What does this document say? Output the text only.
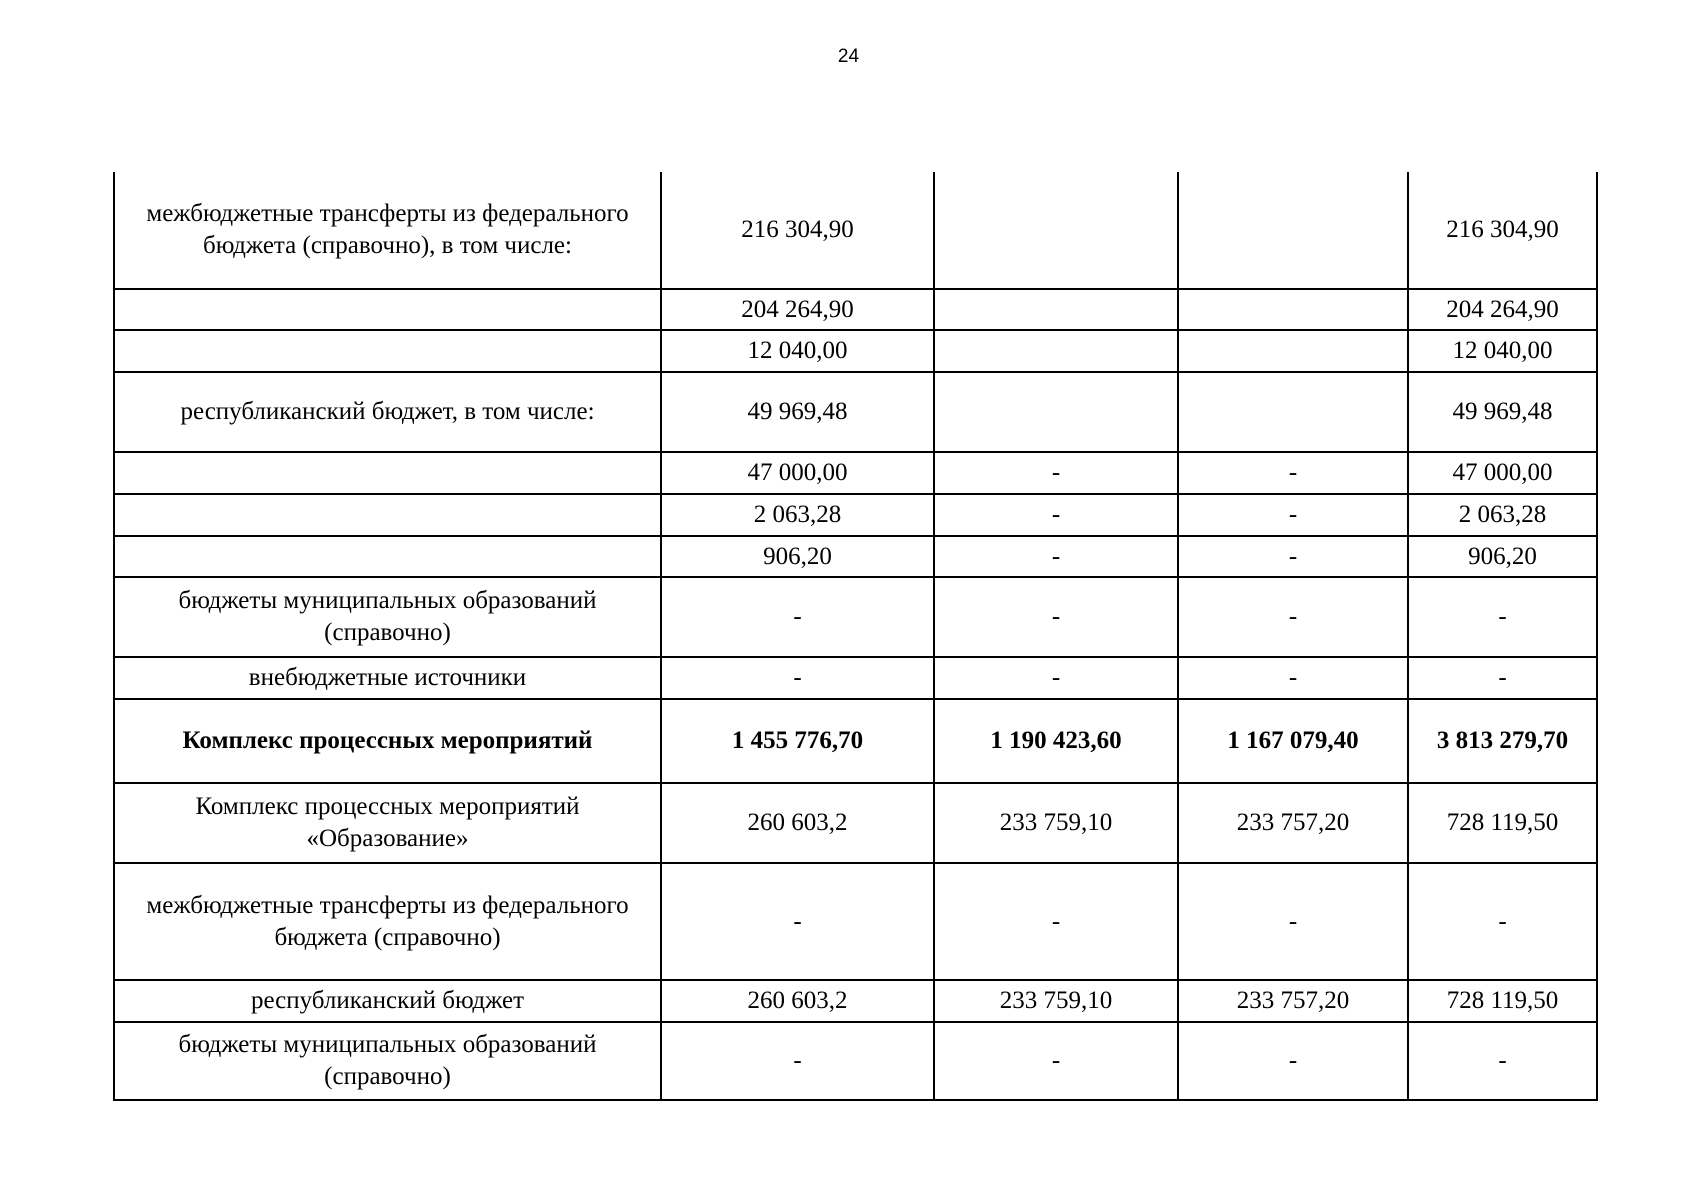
24
межбюджетные трансферты из федерального бюджета (справочно), в том числе:	216 304,90			216 304,90
	204 264,90			204 264,90
	12 040,00			12 040,00
республиканский бюджет, в том числе:	49 969,48			49 969,48
	47 000,00	-	-	47 000,00
	2 063,28	-	-	2 063,28
	906,20	-	-	906,20
бюджеты муниципальных образований (справочно)	-	-	-	-
внебюджетные источники	-	-	-	-
Комплекс процессных мероприятий	1 455 776,70	1 190 423,60	1 167 079,40	3 813 279,70
Комплекс процессных мероприятий «Образование»	260 603,2	233 759,10	233 757,20	728 119,50
межбюджетные трансферты из федерального бюджета (справочно)	-	-	-	-
республиканский бюджет	260 603,2	233 759,10	233 757,20	728 119,50
бюджеты муниципальных образований (справочно)	-	-	-	-
